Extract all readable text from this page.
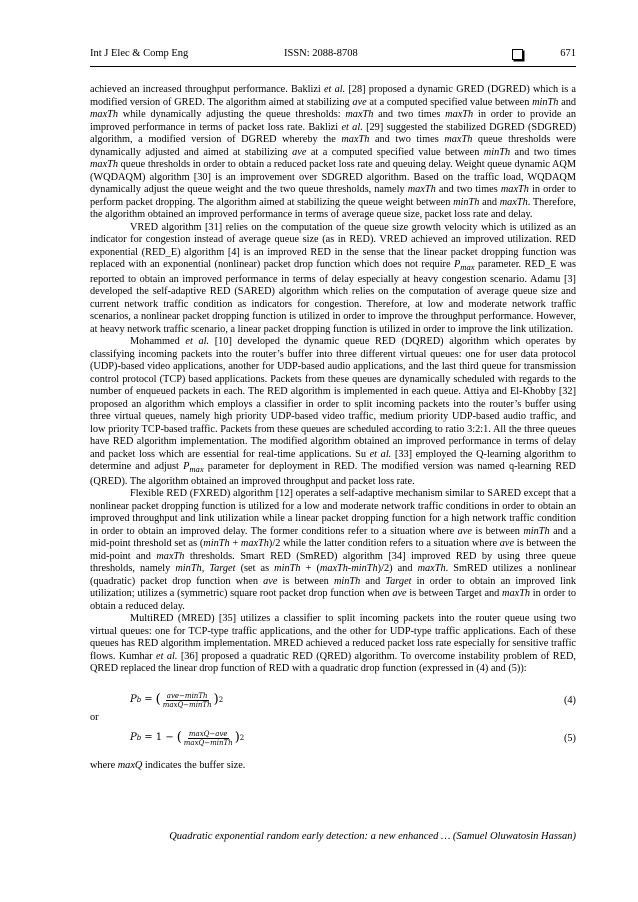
Int J Elec & Comp Eng	ISSN: 2088-8708	671

achieved an increased throughput performance. Baklizi et al. [28] proposed a dynamic GRED (DGRED) which is a modified version of GRED. The algorithm aimed at stabilizing ave at a computed specified value between minTh and maxTh while dynamically adjusting the queue thresholds: maxTh and two times maxTh in order to provide an improved performance in terms of packet loss rate. Baklizi et al. [29] suggested the stabilized DGRED (SDGRED) algorithm, a modified version of DGRED whereby the maxTh and two times maxTh queue thresholds were dynamically adjusted and aimed at stabilizing ave at a computed specified value between minTh and two times maxTh queue thresholds in order to obtain a reduced packet loss rate and queuing delay. Weight queue dynamic AQM (WQDAQM) algorithm [30] is an improvement over SDGRED algorithm. Based on the traffic load, WQDAQM dynamically adjust the queue weight and the two queue thresholds, namely maxTh and two times maxTh in order to perform packet dropping. The algorithm aimed at stabilizing the queue weight between minTh and maxTh. Therefore, the algorithm obtained an improved performance in terms of average queue size, packet loss rate and delay.

VRED algorithm [31] relies on the computation of the queue size growth velocity which is utilized as an indicator for congestion instead of average queue size (as in RED). VRED achieved an improved utilization. RED exponential (RED_E) algorithm [4] is an improved RED in the sense that the linear packet dropping function was replaced with an exponential (nonlinear) packet drop function which does not require $P_{max}$ parameter. RED_E was reported to obtain an improved performance in terms of delay especially at heavy congestion scenario. Adamu [3] developed the self-adaptive RED (SARED) algorithm which relies on the computation of average queue size and current network traffic condition as indicators for congestion. Therefore, at low and moderate network traffic scenarios, a nonlinear packet dropping function is utilized in order to improve the throughput performance. However, at heavy network traffic scenario, a linear packet dropping function is utilized in order to improve the link utilization.

Mohammed et al. [10] developed the dynamic queue RED (DQRED) algorithm which operates by classifying incoming packets into the router’s buffer into three different virtual queues: one for user data protocol (UDP)-based video applications, another for UDP-based audio applications, and the last third queue for transmission control protocol (TCP) based applications. Packets from these queues are dynamically scheduled with regards to the number of enqueued packets in each. The RED algorithm is implemented in each queue. Attiya and El-Khobby [32] proposed an algorithm which employs a classifier in order to split incoming packets into the router’s buffer using three virtual queues, namely high priority UDP-based video traffic, medium priority UDP-based audio traffic, and low priority TCP-based traffic. Packets from these queues are scheduled according to ratio 3:2:1. All the three queues have RED algorithm implementation. The modified algorithm obtained an improved performance in terms of delay and packet loss which are essential for real-time applications. Su et al. [33] employed the Q-learning algorithm to determine and adjust $P_{max}$ parameter for deployment in RED. The modified version was named q-learning RED (QRED). The algorithm obtained an improved throughput and packet loss rate.

Flexible RED (FXRED) algorithm [12] operates a self-adaptive mechanism similar to SARED except that a nonlinear packet dropping function is utilized for a low and moderate network traffic conditions in order to obtain an improved throughput and link utilization while a linear packet dropping function for a high network traffic condition in order to obtain an improved delay. The former conditions refer to a situation where ave is between minTh and a mid-point threshold set as (minTh + maxTh)/2 while the latter condition refers to a situation where ave is between the mid-point and maxTh thresholds. Smart RED (SmRED) algorithm [34] improved RED by using three queue thresholds, namely minTh, Target (set as minTh + (maxTh-minTh)/2) and maxTh. SmRED utilizes a nonlinear (quadratic) packet drop function when ave is between minTh and Target in order to obtain an improved link utilization; utilizes a (symmetric) square root packet drop function when ave is between Target and maxTh in order to obtain a reduced delay.

MultiRED (MRED) [35] utilizes a classifier to split incoming packets into the router queue using two virtual queues: one for TCP-type traffic applications, and the other for UDP-type traffic applications. Each of these queues has RED algorithm implementation. MRED achieved a reduced packet loss rate especially for sensitive traffic flows. Kumhar et al. [36] proposed a quadratic RED (QRED) algorithm. To overcome instability problem of RED, QRED replaced the linear drop function of RED with a quadratic drop function (expressed in (4) and (5)):

P b = ( $\frac{\text{ave−minTh}}{\text{maxQ−minTh}}$ ) 2	(4)

or

P b = 1 − ( $\frac{\text{maxQ−ave}}{\text{maxQ−minTh}}$ ) 2	(5)

where maxQ indicates the buffer size.

Quadratic exponential random early detection: a new enhanced … (Samuel Oluwatosin Hassan)
